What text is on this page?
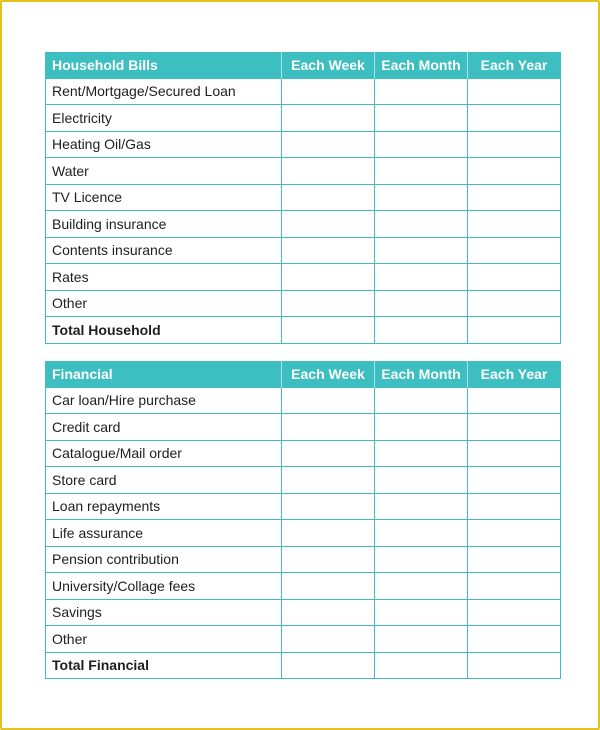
Household Bills	Each Week	Each Month	Each Year
Rent/Mortgage/Secured Loan			
Electricity			
Heating Oil/Gas			
Water			
TV Licence			
Building insurance			
Contents insurance			
Rates			
Other			
Total Household			
Financial	Each Week	Each Month	Each Year
Car loan/Hire purchase			
Credit card			
Catalogue/Mail order			
Store card			
Loan repayments			
Life assurance			
Pension contribution			
University/Collage fees			
Savings			
Other			
Total Financial			
